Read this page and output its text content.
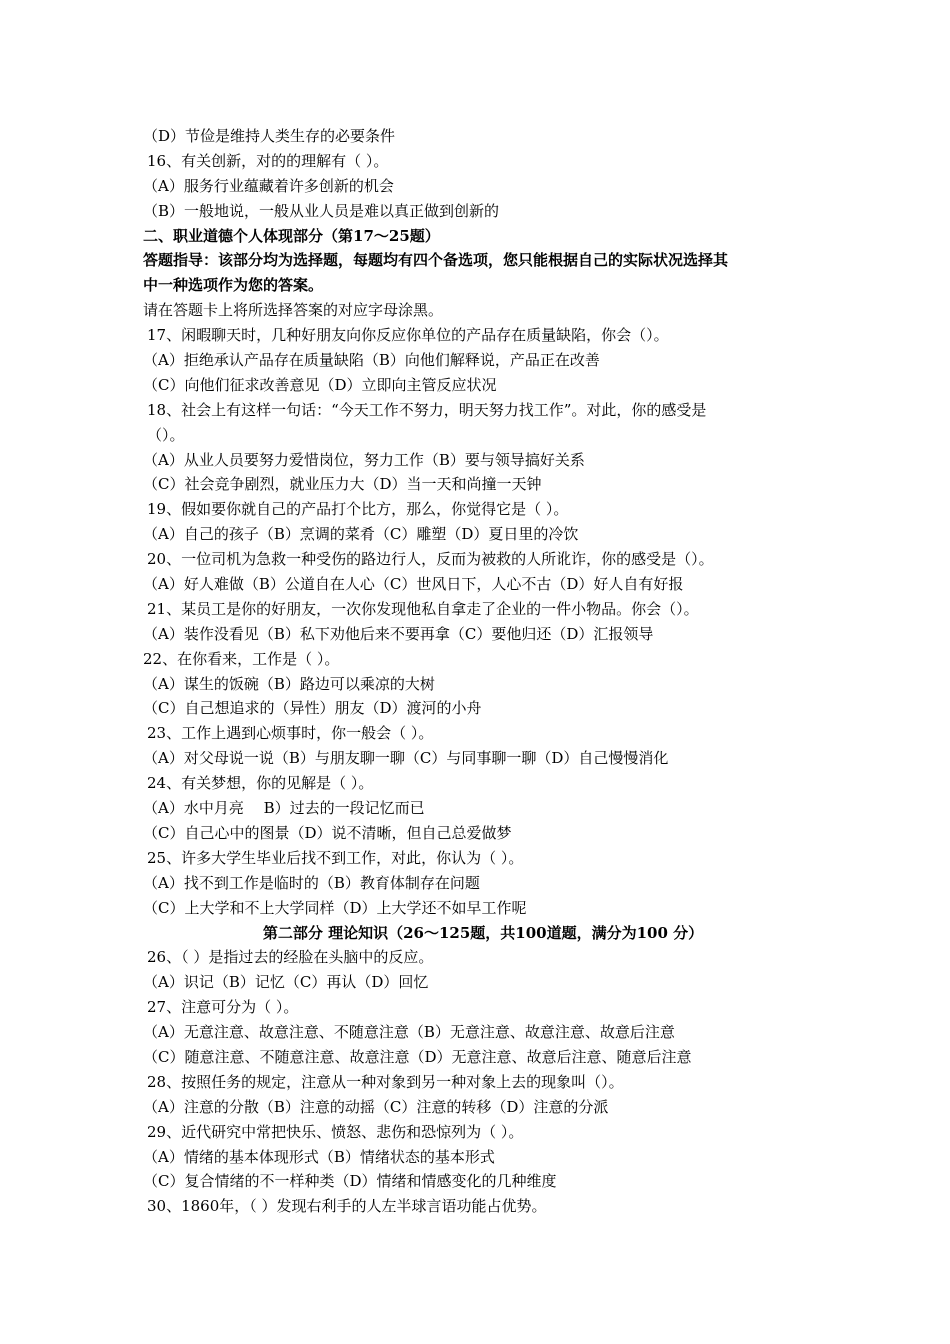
（D）节俭是维持人类生存的必要条件
16、有关创新，对的的理解有（ ）。
（A）服务行业蕴藏着许多创新的机会
（B）一般地说，一般从业人员是难以真正做到创新的
二、职业道德个人体现部分（第17～25题）
答题指导：该部分均为选择题，每题均有四个备选项，您只能根据自己的实际状况选择其
中一种选项作为您的答案。
请在答题卡上将所选择答案的对应字母涂黑。
17、闲暇聊天时，几种好朋友向你反应你单位的产品存在质量缺陷，你会（）。
（A）拒绝承认产品存在质量缺陷（B）向他们解释说，产品正在改善
（C）向他们征求改善意见（D）立即向主管反应状况
18、社会上有这样一句话：“今天工作不努力，明天努力找工作”。对此，你的感受是
（）。
（A）从业人员要努力爱惜岗位，努力工作（B）要与领导搞好关系
（C）社会竞争剧烈，就业压力大（D）当一天和尚撞一天钟
19、假如要你就自己的产品打个比方，那么，你觉得它是（ ）。
（A）自己的孩子（B）烹调的菜肴（C）雕塑（D）夏日里的冷饮
20、一位司机为急救一种受伤的路边行人，反而为被救的人所讹诈，你的感受是（）。
（A）好人难做（B）公道自在人心（C）世风日下，人心不古（D）好人自有好报
21、某员工是你的好朋友，一次你发现他私自拿走了企业的一件小物品。你会（）。
（A）装作没看见（B）私下劝他后来不要再拿（C）要他归还（D）汇报领导
22、在你看来，工作是（ ）。
（A）谋生的饭碗（B）路边可以乘凉的大树
（C）自己想追求的（异性）朋友（D）渡河的小舟
23、工作上遇到心烦事时，你一般会（ ）。
（A）对父母说一说（B）与朋友聊一聊（C）与同事聊一聊（D）自己慢慢消化
24、有关梦想，你的见解是（ ）。
（A）水中月亮　 B）过去的一段记忆而已
（C）自己心中的图景（D）说不清晰，但自己总爱做梦
25、许多大学生毕业后找不到工作，对此，你认为（ ）。
（A）找不到工作是临时的（B）教育体制存在问题
（C）上大学和不上大学同样（D）上大学还不如早工作呢
第二部分 理论知识（26～125题，共100道题，满分为100 分）
26、（ ）是指过去的经脸在头脑中的反应。
（A）识记（B）记忆（C）再认（D）回忆
27、注意可分为（ ）。
（A）无意注意、故意注意、不随意注意（B）无意注意、故意注意、故意后注意
（C）随意注意、不随意注意、故意注意（D）无意注意、故意后注意、随意后注意
28、按照任务的规定，注意从一种对象到另一种对象上去的现象叫（）。
（A）注意的分散（B）注意的动摇（C）注意的转移（D）注意的分派
29、近代研究中常把快乐、愤怒、悲伤和恐惊列为（ ）。
（A）情绪的基本体现形式（B）情绪状态的基本形式
（C）复合情绪的不一样种类（D）情绪和情感变化的几种维度
30、1860年，（ ）发现右利手的人左半球言语功能占优势。
